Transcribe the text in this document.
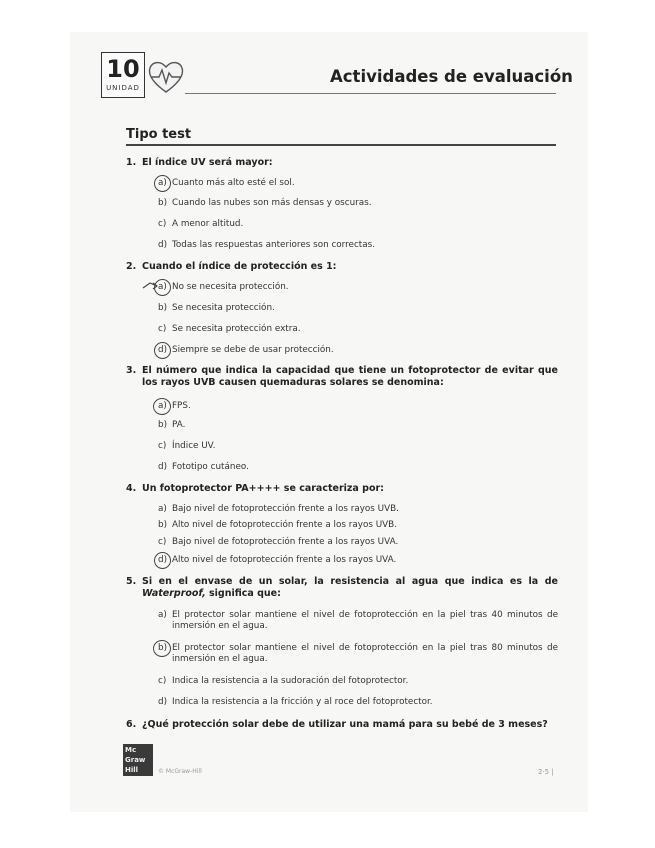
10
UNIDAD
Actividades de evaluación
Tipo test
1. El índice UV será mayor:
a) Cuanto más alto esté el sol.
b) Cuando las nubes son más densas y oscuras.
c) A menor altitud.
d) Todas las respuestas anteriores son correctas.
2. Cuando el índice de protección es 1:
a) No se necesita protección.
b) Se necesita protección.
c) Se necesita protección extra.
d) Siempre se debe de usar protección.
3. El número que indica la capacidad que tiene un fotoprotector de evitar que los rayos UVB causen quemaduras solares se denomina:
a) FPS.
b) PA.
c) Índice UV.
d) Fototipo cutáneo.
4. Un fotoprotector PA++++ se caracteriza por:
a) Bajo nivel de fotoprotección frente a los rayos UVB.
b) Alto nivel de fotoprotección frente a los rayos UVB.
c) Bajo nivel de fotoprotección frente a los rayos UVA.
d) Alto nivel de fotoprotección frente a los rayos UVA.
5. Si en el envase de un solar, la resistencia al agua que indica es la de Waterproof, significa que:
a) El protector solar mantiene el nivel de fotoprotección en la piel tras 40 minutos de inmersión en el agua.
b) El protector solar mantiene el nivel de fotoprotección en la piel tras 80 minutos de inmersión en el agua.
c) Indica la resistencia a la sudoración del fotoprotector.
d) Indica la resistencia a la fricción y al roce del fotoprotector.
6. ¿Qué protección solar debe de utilizar una mamá para su bebé de 3 meses?
Mc
Graw
Hill	© McGraw-Hill	2·5 |
